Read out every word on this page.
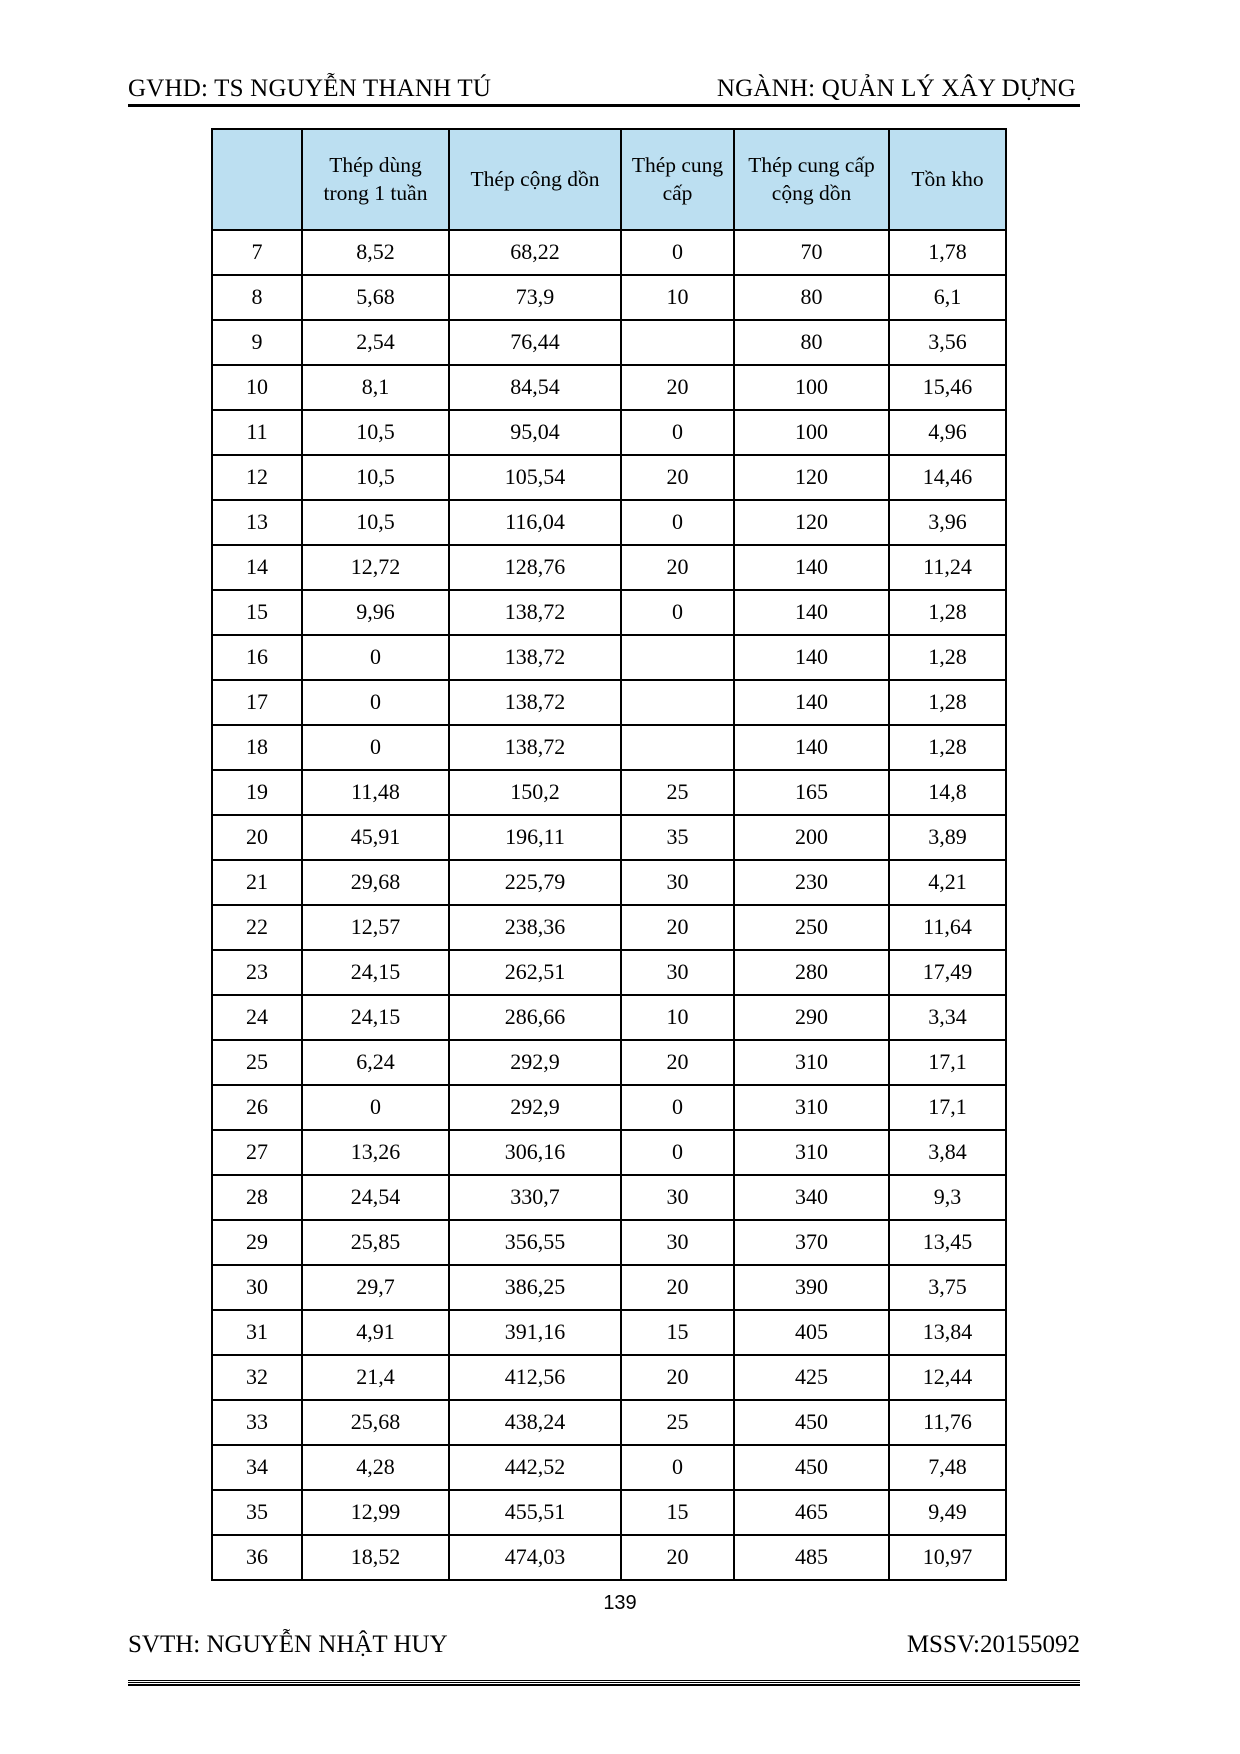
GVHD: TS NGUYỄN THANH TÚ	NGÀNH: QUẢN LÝ XÂY DỰNG
	Thép dùng trong 1 tuần	Thép cộng dồn	Thép cung cấp	Thép cung cấp cộng dồn	Tồn kho
7	8,52	68,22	0	70	1,78
8	5,68	73,9	10	80	6,1
9	2,54	76,44		80	3,56
10	8,1	84,54	20	100	15,46
11	10,5	95,04	0	100	4,96
12	10,5	105,54	20	120	14,46
13	10,5	116,04	0	120	3,96
14	12,72	128,76	20	140	11,24
15	9,96	138,72	0	140	1,28
16	0	138,72		140	1,28
17	0	138,72		140	1,28
18	0	138,72		140	1,28
19	11,48	150,2	25	165	14,8
20	45,91	196,11	35	200	3,89
21	29,68	225,79	30	230	4,21
22	12,57	238,36	20	250	11,64
23	24,15	262,51	30	280	17,49
24	24,15	286,66	10	290	3,34
25	6,24	292,9	20	310	17,1
26	0	292,9	0	310	17,1
27	13,26	306,16	0	310	3,84
28	24,54	330,7	30	340	9,3
29	25,85	356,55	30	370	13,45
30	29,7	386,25	20	390	3,75
31	4,91	391,16	15	405	13,84
32	21,4	412,56	20	425	12,44
33	25,68	438,24	25	450	11,76
34	4,28	442,52	0	450	7,48
35	12,99	455,51	15	465	9,49
36	18,52	474,03	20	485	10,97
139
SVTH: NGUYỄN NHẬT HUY	MSSV:20155092
